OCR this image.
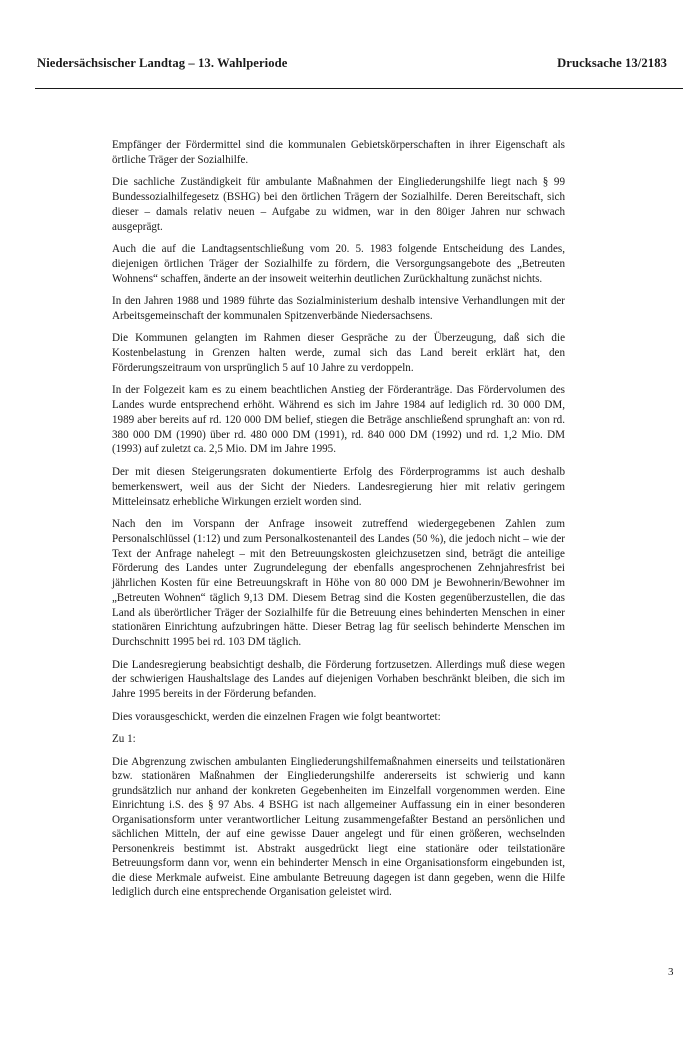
Niedersächsischer Landtag – 13. Wahlperiode	Drucksache 13/2183

Empfänger der Fördermittel sind die kommunalen Gebietskörperschaften in ihrer Eigenschaft als örtliche Träger der Sozialhilfe.

Die sachliche Zuständigkeit für ambulante Maßnahmen der Eingliederungshilfe liegt nach § 99 Bundessozialhilfegesetz (BSHG) bei den örtlichen Trägern der Sozialhilfe. Deren Bereitschaft, sich dieser – damals relativ neuen – Aufgabe zu widmen, war in den 80iger Jahren nur schwach ausgeprägt.

Auch die auf die Landtagsentschließung vom 20. 5. 1983 folgende Entscheidung des Landes, diejenigen örtlichen Träger der Sozialhilfe zu fördern, die Versorgungsangebote des „Betreuten Wohnens“ schaffen, änderte an der insoweit weiterhin deutlichen Zurückhaltung zunächst nichts.

In den Jahren 1988 und 1989 führte das Sozialministerium deshalb intensive Verhandlungen mit der Arbeitsgemeinschaft der kommunalen Spitzenverbände Niedersachsens.

Die Kommunen gelangten im Rahmen dieser Gespräche zu der Überzeugung, daß sich die Kostenbelastung in Grenzen halten werde, zumal sich das Land bereit erklärt hat, den Förderungszeitraum von ursprünglich 5 auf 10 Jahre zu verdoppeln.

In der Folgezeit kam es zu einem beachtlichen Anstieg der Förderanträge. Das Fördervolumen des Landes wurde entsprechend erhöht. Während es sich im Jahre 1984 auf lediglich rd. 30 000 DM, 1989 aber bereits auf rd. 120 000 DM belief, stiegen die Beträge anschließend sprunghaft an: von rd. 380 000 DM (1990) über rd. 480 000 DM (1991), rd. 840 000 DM (1992) und rd. 1,2 Mio. DM (1993) auf zuletzt ca. 2,5 Mio. DM im Jahre 1995.

Der mit diesen Steigerungsraten dokumentierte Erfolg des Förderprogramms ist auch deshalb bemerkenswert, weil aus der Sicht der Nieders. Landesregierung hier mit relativ geringem Mitteleinsatz erhebliche Wirkungen erzielt worden sind.

Nach den im Vorspann der Anfrage insoweit zutreffend wiedergegebenen Zahlen zum Personalschlüssel (1:12) und zum Personalkostenanteil des Landes (50 %), die jedoch nicht – wie der Text der Anfrage nahelegt – mit den Betreuungskosten gleichzusetzen sind, beträgt die anteilige Förderung des Landes unter Zugrundelegung der ebenfalls angesprochenen Zehnjahresfrist bei jährlichen Kosten für eine Betreuungskraft in Höhe von 80 000 DM je Bewohnerin/Bewohner im „Betreuten Wohnen“ täglich 9,13 DM. Diesem Betrag sind die Kosten gegenüberzustellen, die das Land als überörtlicher Träger der Sozialhilfe für die Betreuung eines behinderten Menschen in einer stationären Einrichtung aufzubringen hätte. Dieser Betrag lag für seelisch behinderte Menschen im Durchschnitt 1995 bei rd. 103 DM täglich.

Die Landesregierung beabsichtigt deshalb, die Förderung fortzusetzen. Allerdings muß diese wegen der schwierigen Haushaltslage des Landes auf diejenigen Vorhaben beschränkt bleiben, die sich im Jahre 1995 bereits in der Förderung befanden.

Dies vorausgeschickt, werden die einzelnen Fragen wie folgt beantwortet:

Zu 1:

Die Abgrenzung zwischen ambulanten Eingliederungshilfemaßnahmen einerseits und teilstationären bzw. stationären Maßnahmen der Eingliederungshilfe andererseits ist schwierig und kann grundsätzlich nur anhand der konkreten Gegebenheiten im Einzelfall vorgenommen werden. Eine Einrichtung i.S. des § 97 Abs. 4 BSHG ist nach allgemeiner Auffassung ein in einer besonderen Organisationsform unter verantwortlicher Leitung zusammengefaßter Bestand an persönlichen und sächlichen Mitteln, der auf eine gewisse Dauer angelegt und für einen größeren, wechselnden Personenkreis bestimmt ist. Abstrakt ausgedrückt liegt eine stationäre oder teilstationäre Betreuungsform dann vor, wenn ein behinderter Mensch in eine Organisationsform eingebunden ist, die diese Merkmale aufweist. Eine ambulante Betreuung dagegen ist dann gegeben, wenn die Hilfe lediglich durch eine entsprechende Organisation geleistet wird.

3
